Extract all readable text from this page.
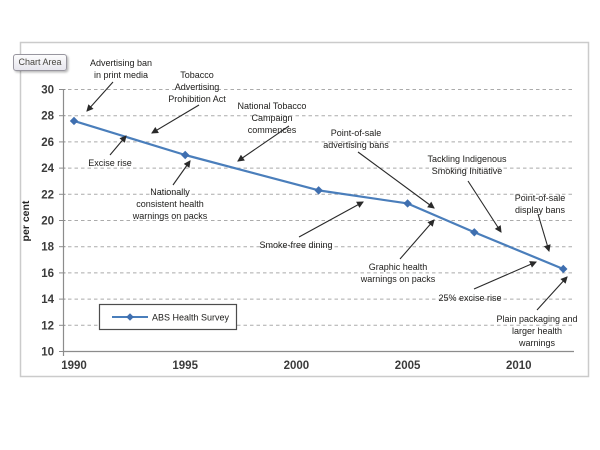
10
12
14
16
18
20
22
24
26
28
30
1990	1995	2000	2005	2010
per cent
ABS Health Survey
Advertising ban
in print media	Tobacco
Advertising
Prohibition Act
National Tobacco
Campaign
commences
Excise rise
Nationally
consistent health
warnings on packs
Smoke-free dining
Point-of-sale
advertising bans
Tackling Indigenous
Smoking Initiative
Point-of-sale
display bans
Graphic health
warnings on packs
25% excise rise
Plain packaging and
larger health
warnings
Chart Area
